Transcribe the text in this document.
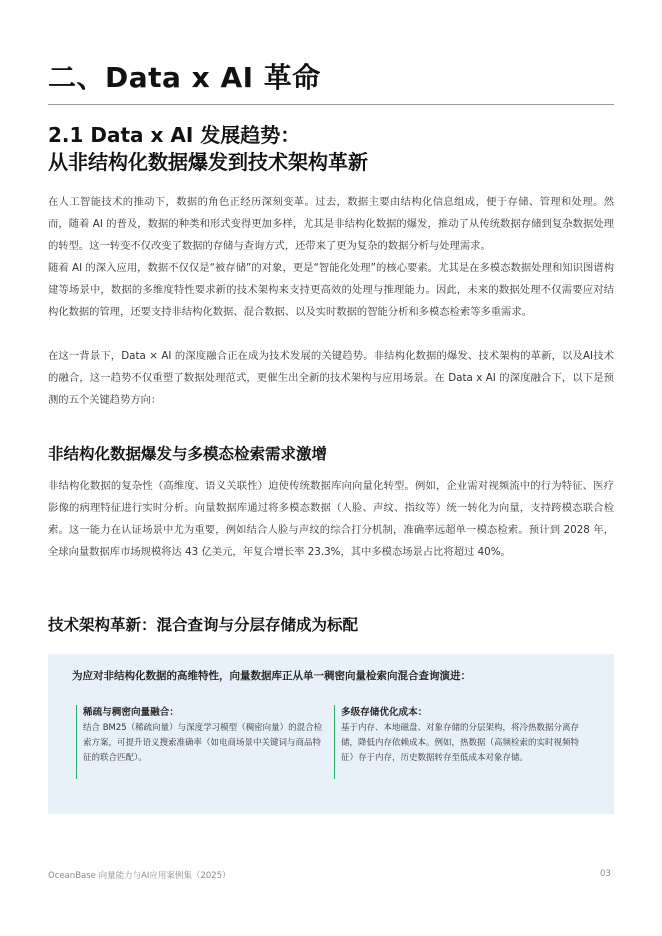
二、Data x AI 革命
2.1 Data x AI 发展趋势：
从非结构化数据爆发到技术架构革新

在人工智能技术的推动下，数据的角色正经历深刻变革。过去，数据主要由结构化信息组成，便于存储、管理和处理。然而，随着 AI 的普及，数据的种类和形式变得更加多样，尤其是非结构化数据的爆发，推动了从传统数据存储到复杂数据处理的转型。这一转变不仅改变了数据的存储与查询方式，还带来了更为复杂的数据分析与处理需求。

随着 AI 的深入应用，数据不仅仅是“被存储”的对象，更是“智能化处理”的核心要素。尤其是在多模态数据处理和知识图谱构建等场景中，数据的多维度特性要求新的技术架构来支持更高效的处理与推理能力。因此，未来的数据处理不仅需要应对结构化数据的管理，还要支持非结构化数据、混合数据、以及实时数据的智能分析和多模态检索等多重需求。

在这一背景下，Data × AI 的深度融合正在成为技术发展的关键趋势。非结构化数据的爆发、技术架构的革新，以及AI技术的融合，这一趋势不仅重塑了数据处理范式，更催生出全新的技术架构与应用场景。在 Data x AI 的深度融合下，以下是预测的五个关键趋势方向：

非结构化数据爆发与多模态检索需求激增

非结构化数据的复杂性（高维度、语义关联性）迫使传统数据库向向量化转型。例如，企业需对视频流中的行为特征、医疗影像的病理特征进行实时分析。向量数据库通过将多模态数据（人脸、声纹、指纹等）统一转化为向量，支持跨模态联合检索。这一能力在认证场景中尤为重要，例如结合人脸与声纹的综合打分机制，准确率远超单一模态检索。预计到 2028 年，全球向量数据库市场规模将达 43 亿美元，年复合增长率 23.3%，其中多模态场景占比将超过 40%。

技术架构革新：混合查询与分层存储成为标配
为应对非结构化数据的高维特性，向量数据库正从单一稠密向量检索向混合查询演进：
稀疏与稠密向量融合：
结合 BM25（稀疏向量）与深度学习模型（稠密向量）的混合检索方案，可提升语义搜索准确率（如电商场景中关键词与商品特征的联合匹配）。
多级存储优化成本：
基于内存、本地磁盘、对象存储的分层架构，将冷热数据分离存储，降低内存依赖成本。例如，热数据（高频检索的实时视频特征）存于内存，历史数据转存至低成本对象存储。
OceanBase 向量能力与AI应用案例集（2025）	03
